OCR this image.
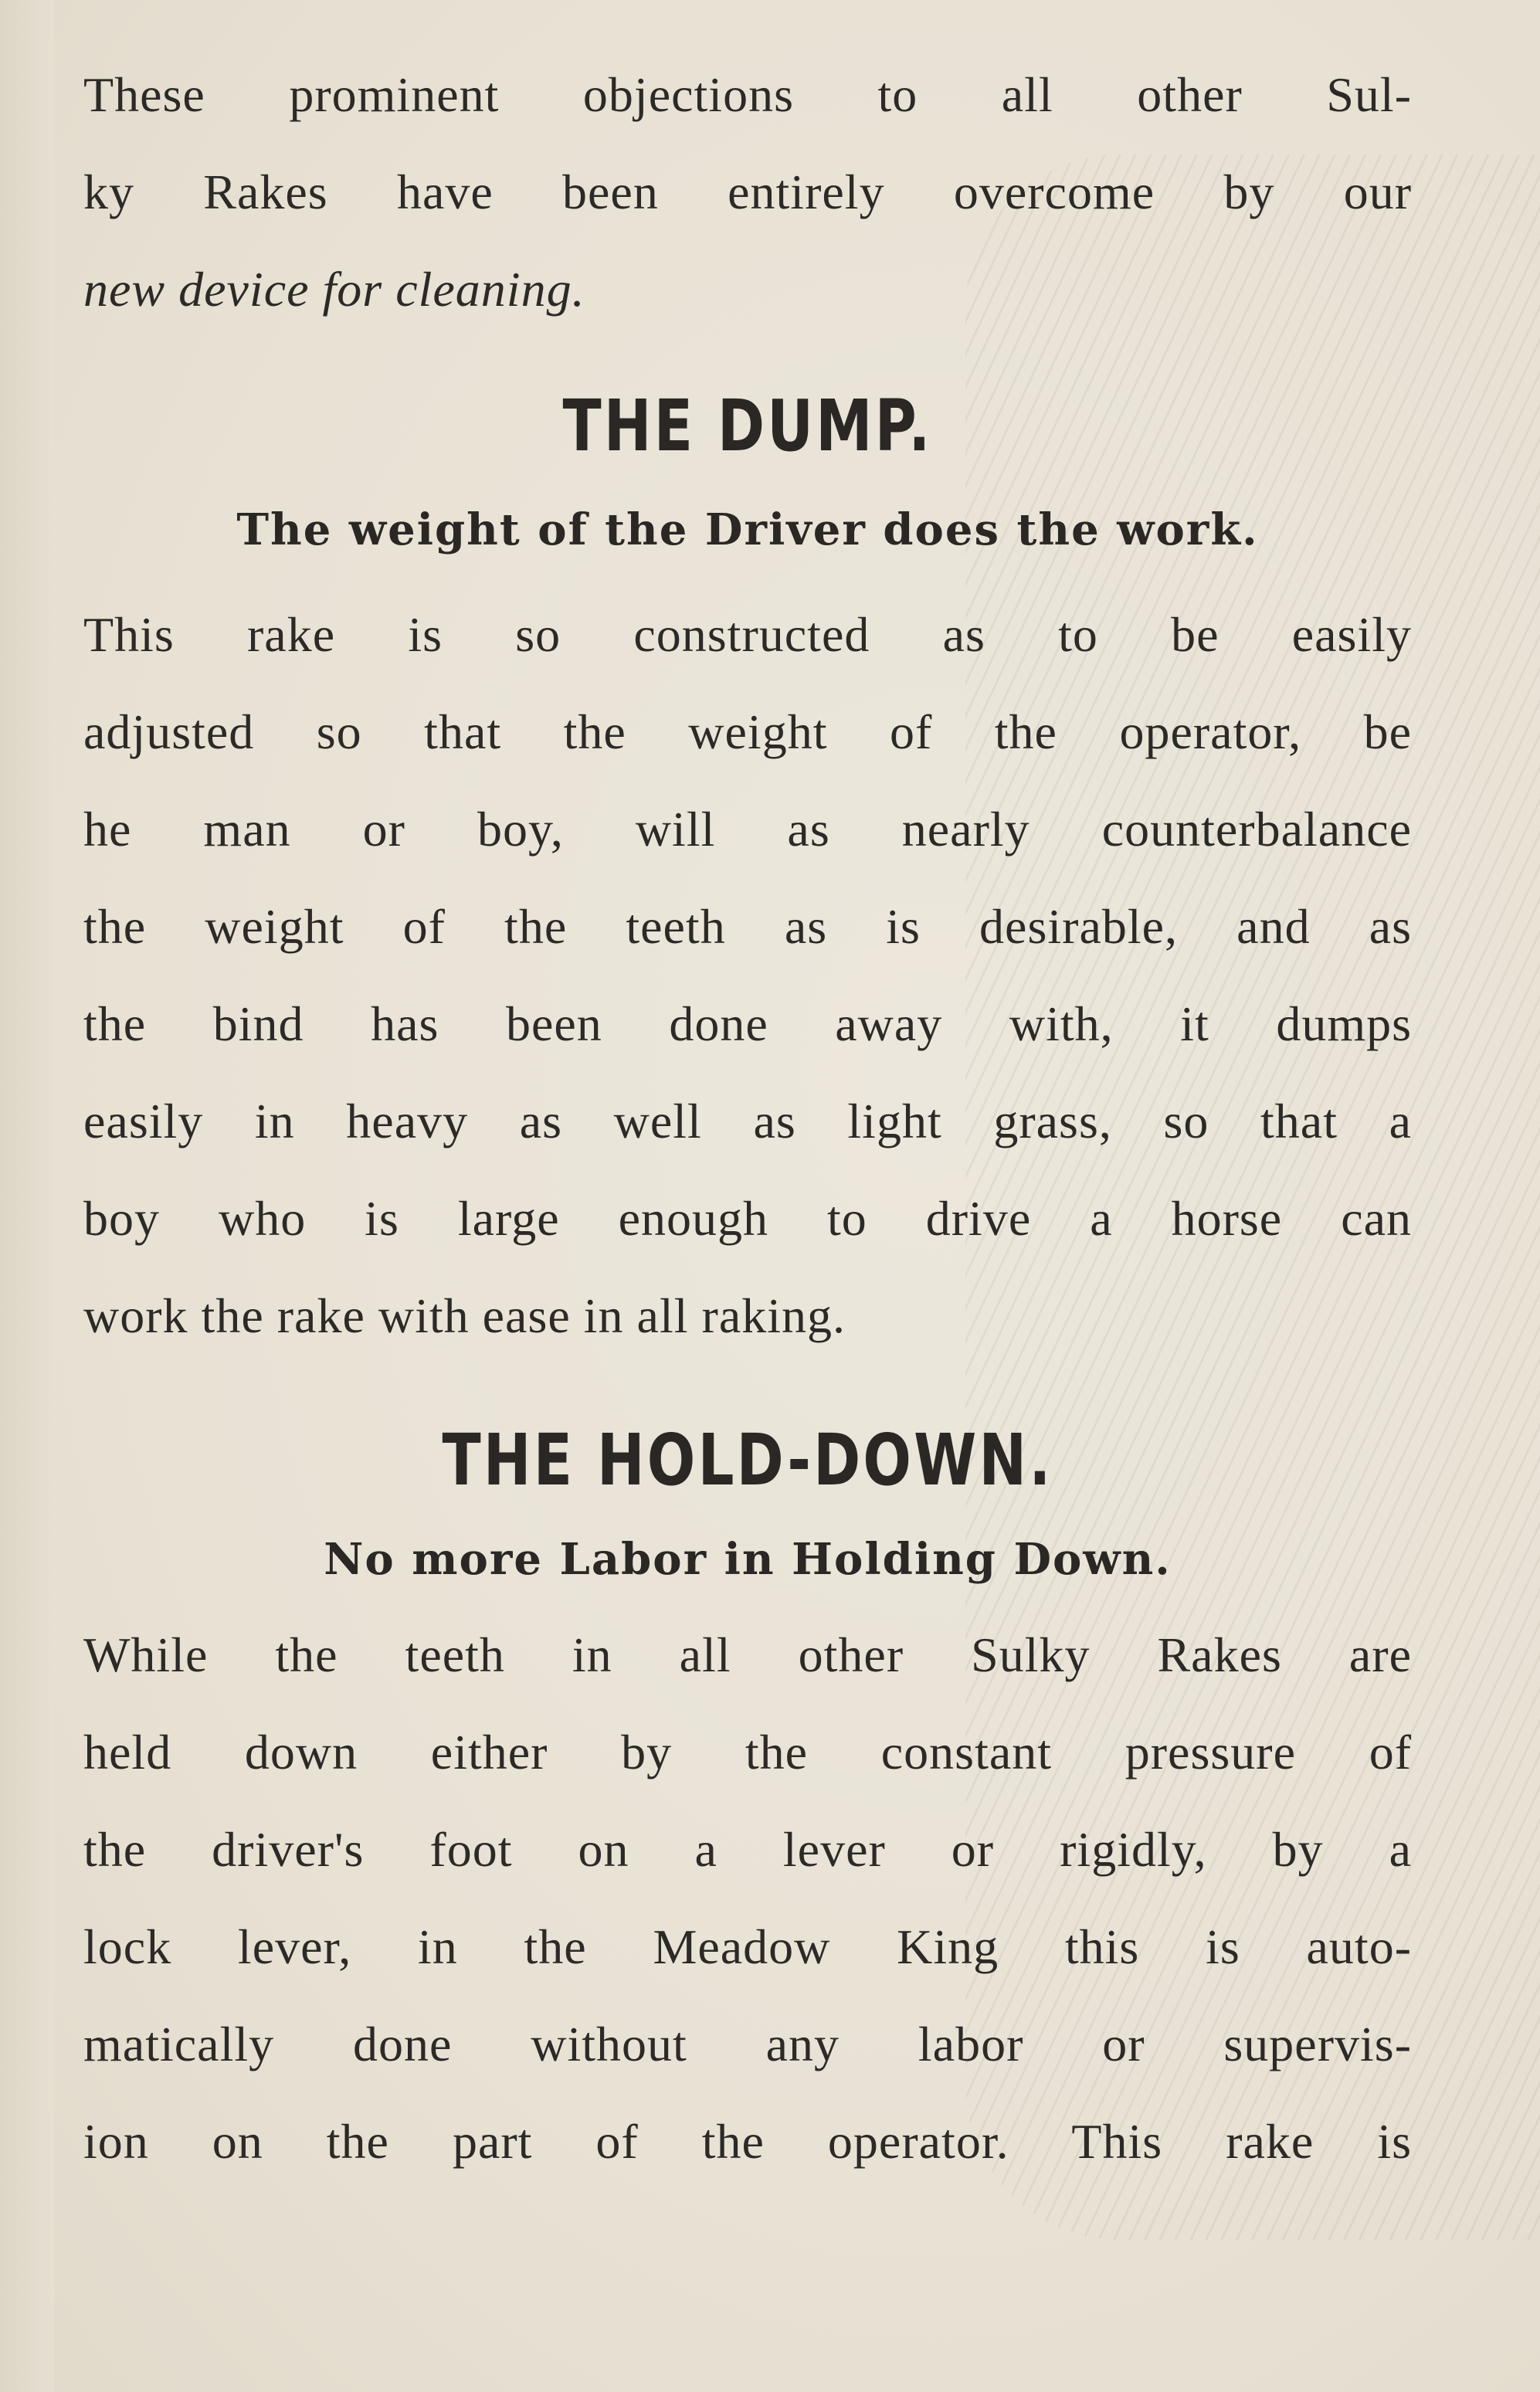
These prominent objections to all other Sul-
ky Rakes have been entirely overcome by our
new device for cleaning.

THE DUMP.
The weight of the Driver does the work.

This rake is so constructed as to be easily
adjusted so that the weight of the operator, be
he man or boy, will as nearly counterbalance
the weight of the teeth as is desirable, and as
the bind has been done away with, it dumps
easily in heavy as well as light grass, so that a
boy who is large enough to drive a horse can
work the rake with ease in all raking.

THE HOLD-DOWN.
No more Labor in Holding Down.

While the teeth in all other Sulky Rakes are
held down either by the constant pressure of
the driver's foot on a lever or rigidly, by a
lock lever, in the Meadow King this is auto-
matically done without any labor or supervis-
ion on the part of the operator. This rake is
